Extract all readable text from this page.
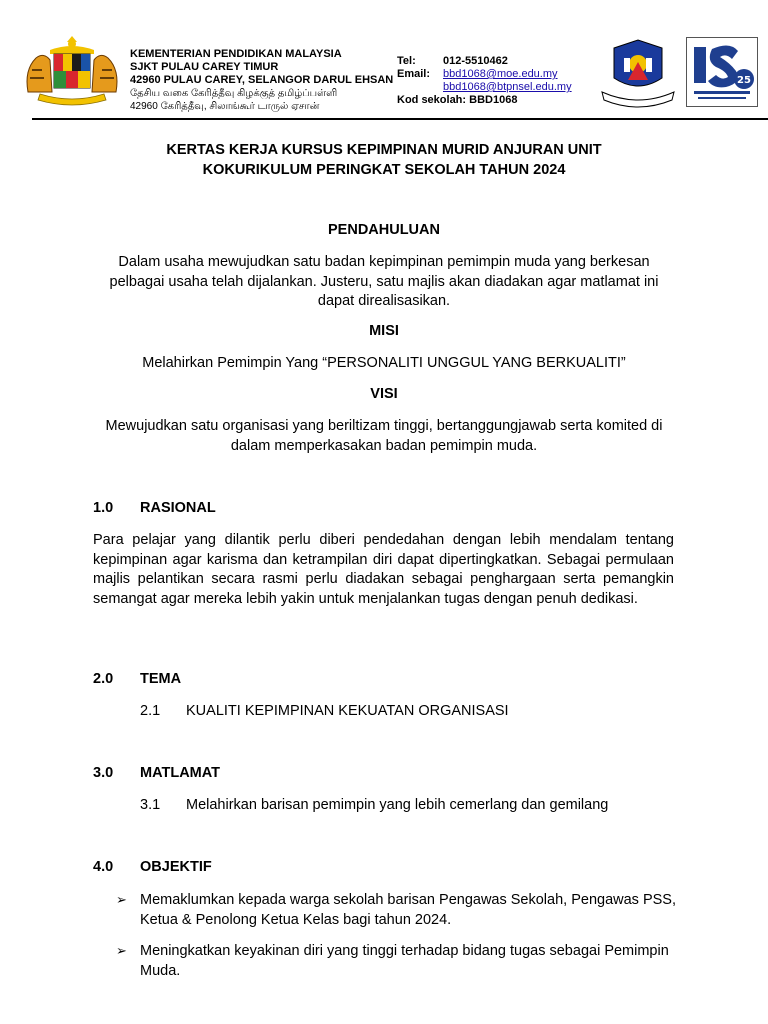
KEMENTERIAN PENDIDIKAN MALAYSIA
SJKT PULAU CAREY TIMUR
42960 PULAU CAREY, SELANGOR DARUL EHSAN
தேசிய வகை கேரித்தீவு கிழக்குத் தமிழ்ப்பள்ளி
42960 கேரித்தீவு, சிலாங்கூர் டாருல் ஏசான்
Tel:	012-5510462
Email:	bbd1068@moe.edu.my
bbd1068@btpnsel.edu.my
Kod sekolah:
BBD1068
25
KERTAS KERJA KURSUS KEPIMPINAN MURID ANJURAN UNIT
KOKURIKULUM PERINGKAT SEKOLAH TAHUN 2024
PENDAHULUAN
Dalam usaha mewujudkan satu badan kepimpinan pemimpin muda yang berkesan pelbagai usaha telah dijalankan. Justeru, satu majlis akan diadakan agar matlamat ini dapat direalisasikan.
MISI
Melahirkan Pemimpin Yang “PERSONALITI UNGGUL YANG BERKUALITI”
VISI
Mewujudkan satu organisasi yang beriltizam tinggi, bertanggungjawab serta komited di dalam memperkasakan badan pemimpin muda.
1.0 RASIONAL
Para pelajar yang dilantik perlu diberi pendedahan dengan lebih mendalam tentang kepimpinan agar karisma dan ketrampilan diri dapat dipertingkatkan. Sebagai permulaan majlis pelantikan secara rasmi perlu diadakan sebagai penghargaan serta pemangkin semangat agar mereka lebih yakin untuk menjalankan tugas dengan penuh dedikasi.
2.0 TEMA
2.1 KUALITI KEPIMPINAN KEKUATAN ORGANISASI
3.0 MATLAMAT
3.1 Melahirkan barisan pemimpin yang lebih cemerlang dan gemilang
4.0 OBJEKTIF
➢ Memaklumkan kepada warga sekolah barisan Pengawas Sekolah, Pengawas PSS, Ketua & Penolong Ketua Kelas bagi tahun 2024.
➢ Meningkatkan keyakinan diri yang tinggi terhadap bidang tugas sebagai Pemimpin Muda.
